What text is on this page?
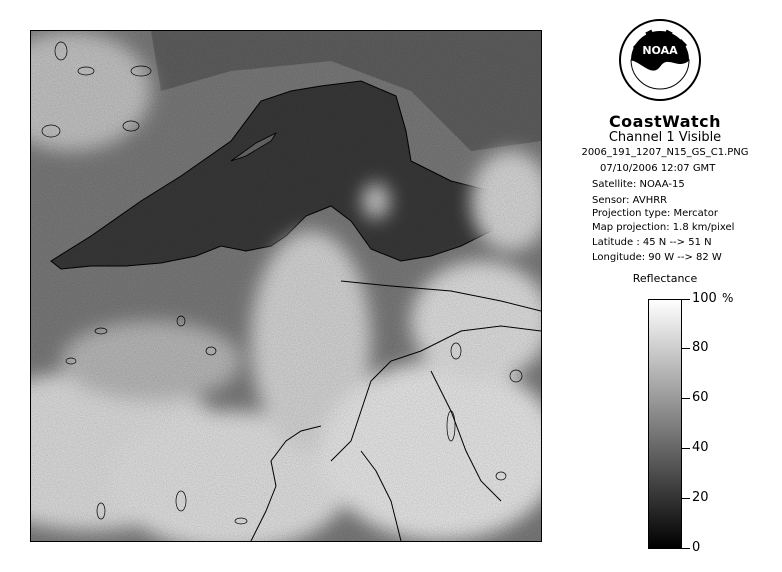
NOAA
CoastWatch
Channel 1 Visible
2006_191_1207_N15_GS_C1.PNG
07/10/2006 12:07 GMT
Satellite: NOAA-15
Sensor: AVHRR
Projection type: Mercator
Map projection: 1.8 km/pixel
Latitude : 45 N --> 51 N
Longitude: 90 W --> 82 W
Reflectance
%
100
80
60
40
20
0
